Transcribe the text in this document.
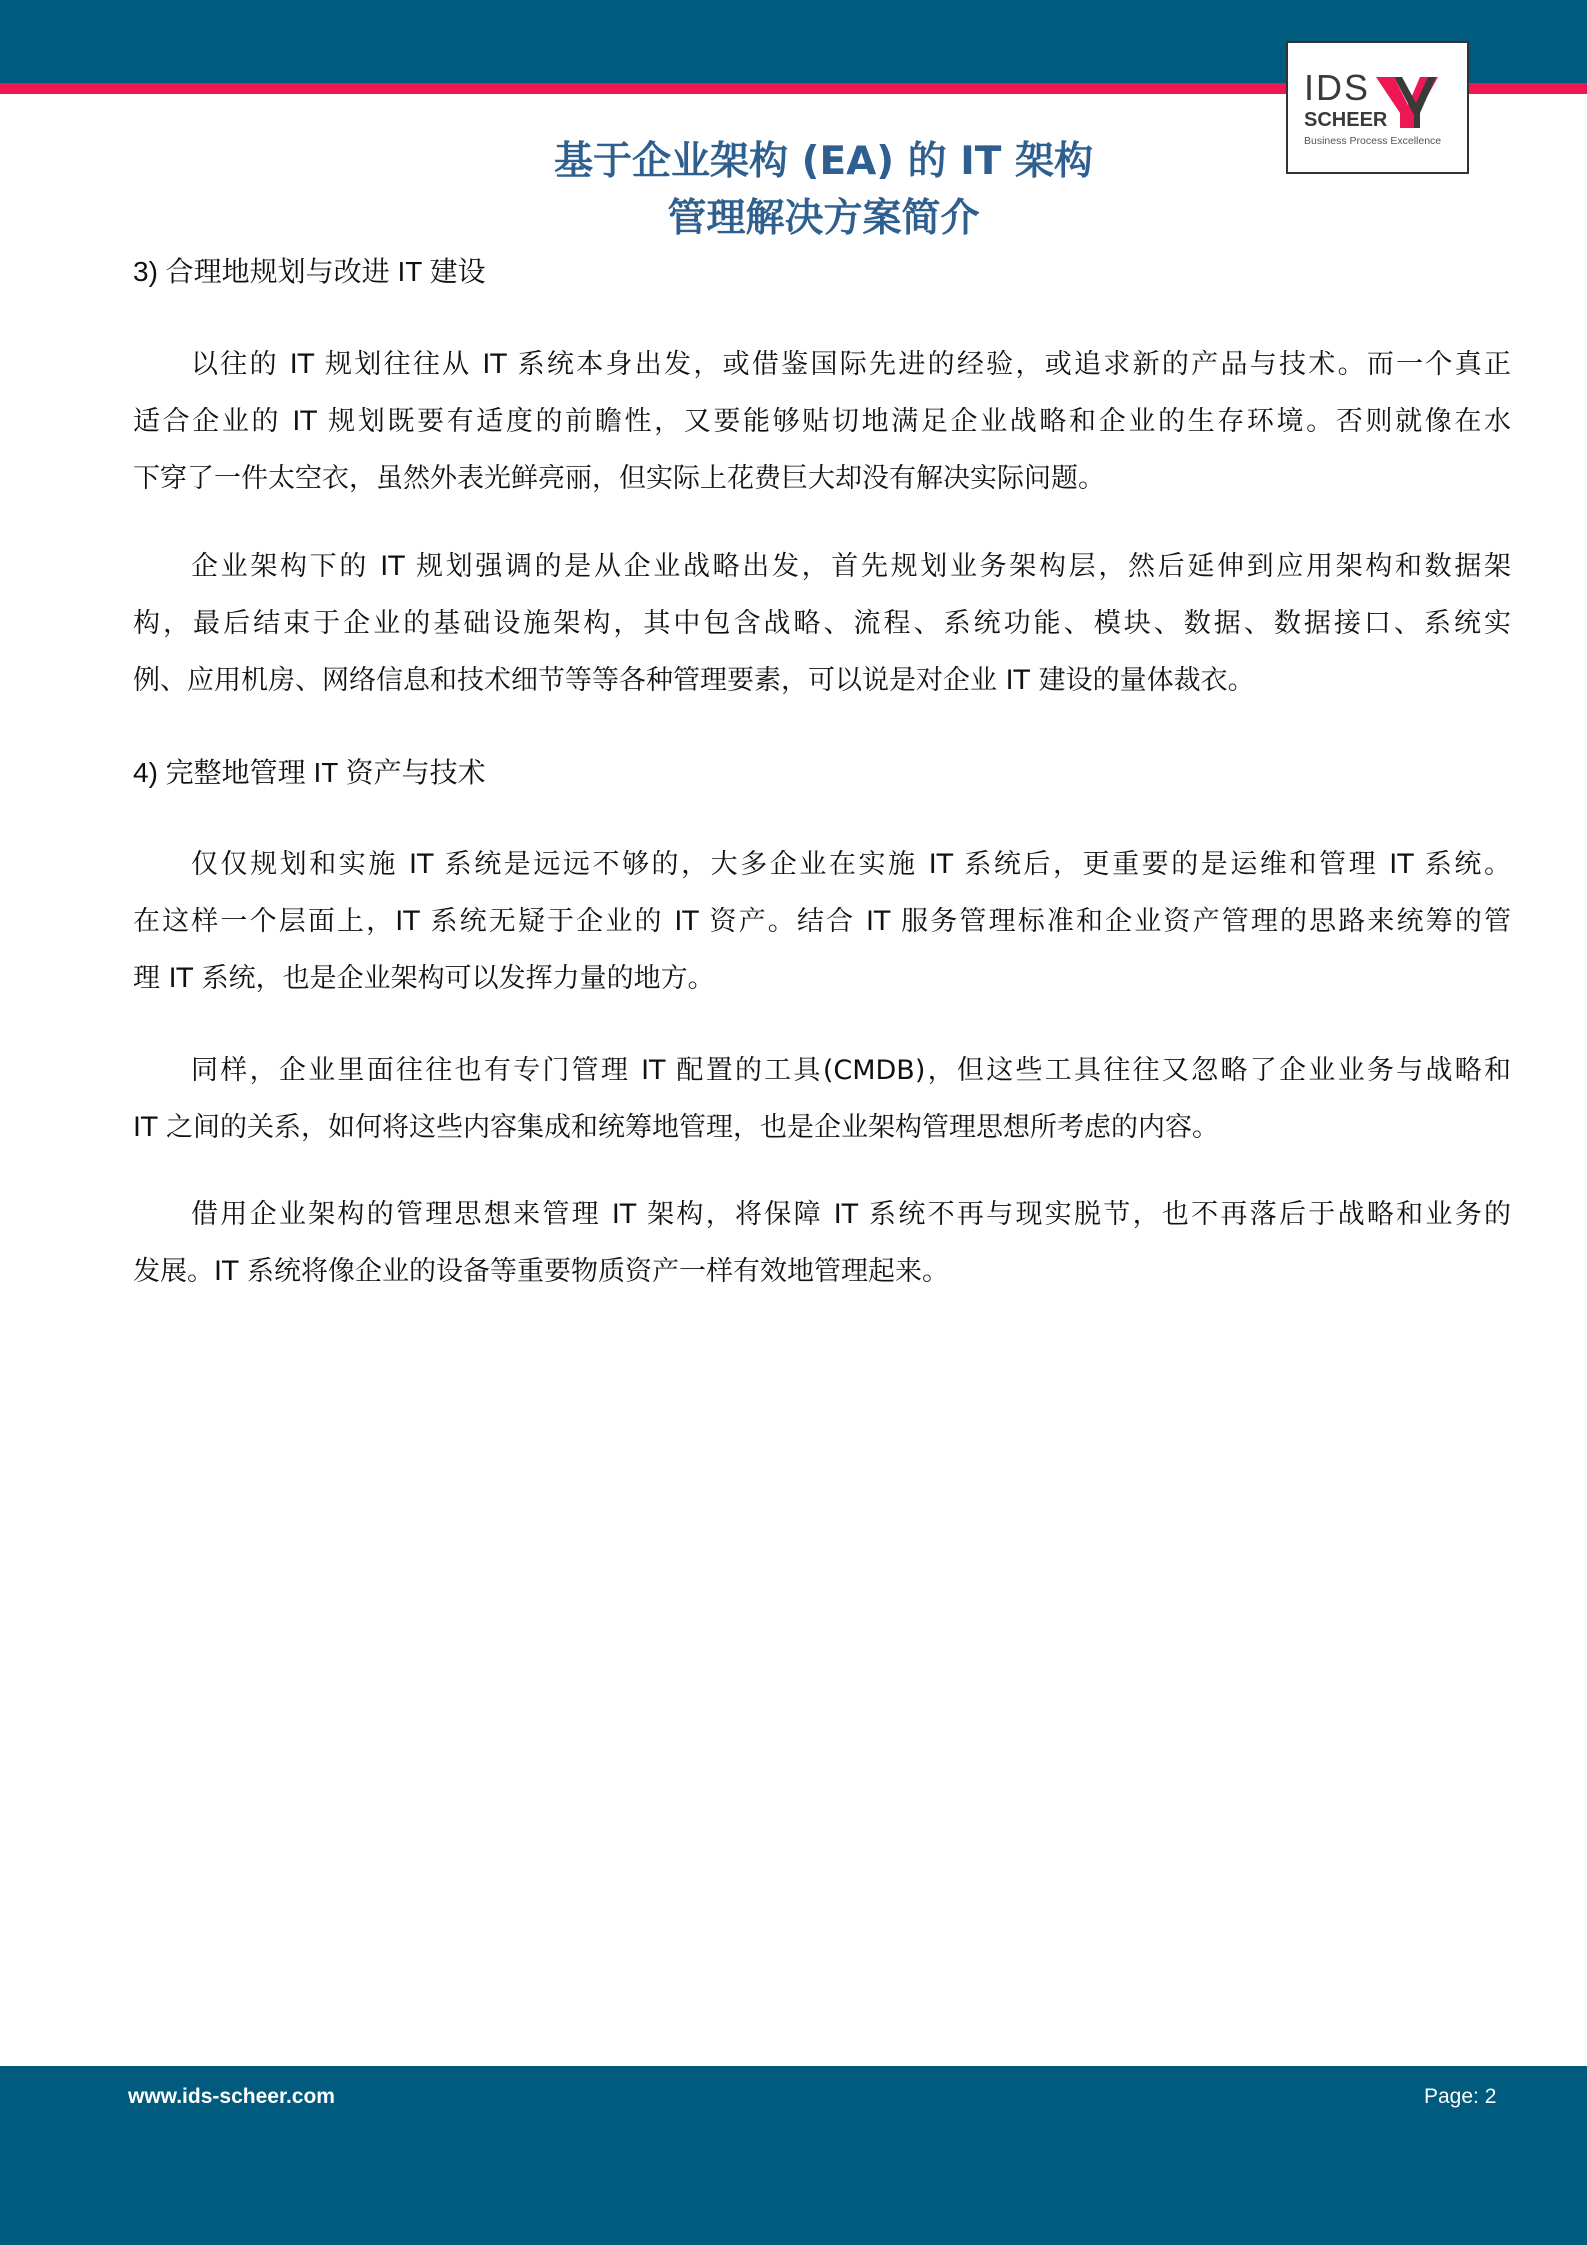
IDS
SCHEER
Business Process Excellence
基于企业架构 (EA) 的 IT 架构
管理解决方案简介
3) 合理地规划与改进 IT 建设
以往的 IT 规划往往从 IT 系统本身出发，或借鉴国际先进的经验，或追求新的产品与技术。而一个真正
适合企业的 IT 规划既要有适度的前瞻性，又要能够贴切地满足企业战略和企业的生存环境。否则就像在水
下穿了一件太空衣，虽然外表光鲜亮丽，但实际上花费巨大却没有解决实际问题。
企业架构下的 IT 规划强调的是从企业战略出发，首先规划业务架构层，然后延伸到应用架构和数据架
构，最后结束于企业的基础设施架构，其中包含战略、流程、系统功能、模块、数据、数据接口、系统实
例、应用机房、网络信息和技术细节等等各种管理要素，可以说是对企业 IT 建设的量体裁衣。
4) 完整地管理 IT 资产与技术
仅仅规划和实施 IT 系统是远远不够的，大多企业在实施 IT 系统后，更重要的是运维和管理 IT 系统。
在这样一个层面上，IT 系统无疑于企业的 IT 资产。结合 IT 服务管理标准和企业资产管理的思路来统筹的管
理 IT 系统，也是企业架构可以发挥力量的地方。
同样，企业里面往往也有专门管理 IT 配置的工具(CMDB)，但这些工具往往又忽略了企业业务与战略和
IT 之间的关系，如何将这些内容集成和统筹地管理，也是企业架构管理思想所考虑的内容。
借用企业架构的管理思想来管理 IT 架构，将保障 IT 系统不再与现实脱节，也不再落后于战略和业务的
发展。IT 系统将像企业的设备等重要物质资产一样有效地管理起来。
www.ids-scheer.com	Page: 2
